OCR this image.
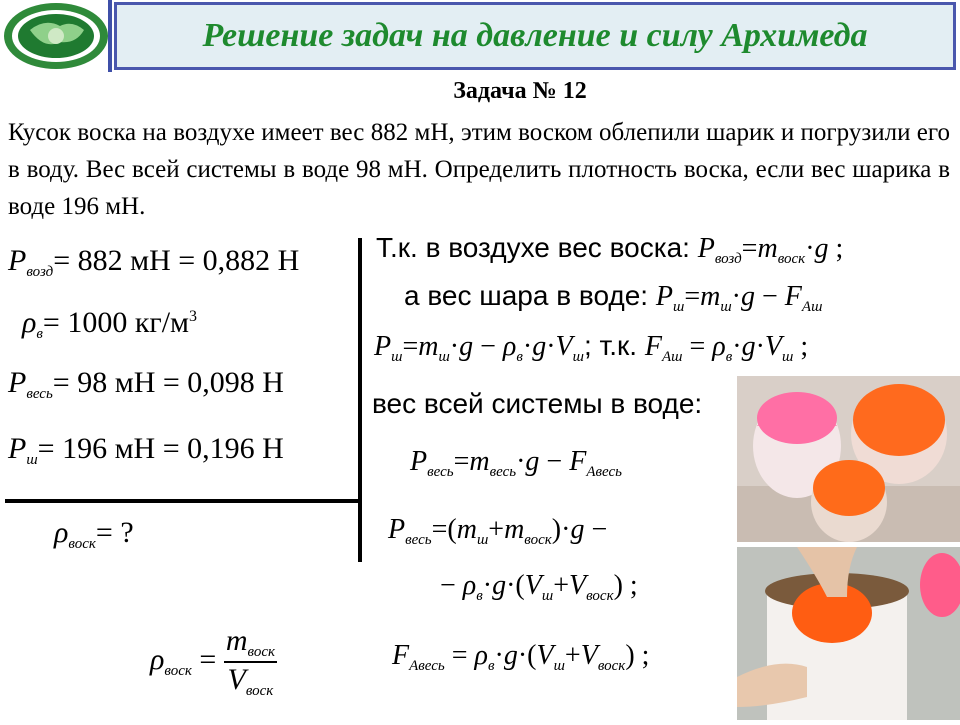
Решение задач на давление и силу Архимеда
Задача № 12
Кусок воска на воздухе имеет вес 882 мН, этим воском облепили шарик и погрузили его в воду. Вес всей системы в воде 98 мН. Определить плотность воска, если вес шарика в воде 196 мН.
$P_{возд}= 882$ мН = 0,882 Н
$\rho_в= 1000$ $кг/м^3$
$P_{весь}= 98$ мН = 0,098 Н
$P_ш= 196$ мН = 0,196 Н
$\rho_{воск}=$ ?
$\rho_{воск} = \frac{m_{воск}}{V_{воск}}$
Т.к. в воздухе вес воска: $P_{возд}=m_{воск}\cdot g$ ;
а вес шара в воде: $P_ш=m_ш\cdot g - F_{Аш}$
$P_ш=m_ш\cdot g - \rho_в\cdot g\cdot V_ш$; т.к. $F_{Аш} = \rho_в\cdot g\cdot V_ш$ ;
вес всей системы в воде:
$P_{весь}=m_{весь}\cdot g - F_{Авесь}$
$P_{весь}=(m_ш+m_{воск})\cdot g$ −
− $\rho_в\cdot g\cdot(V_ш+V_{воск})$ ;
$F_{Авесь} = \rho_в\cdot g\cdot(V_ш+V_{воск})$ ;
